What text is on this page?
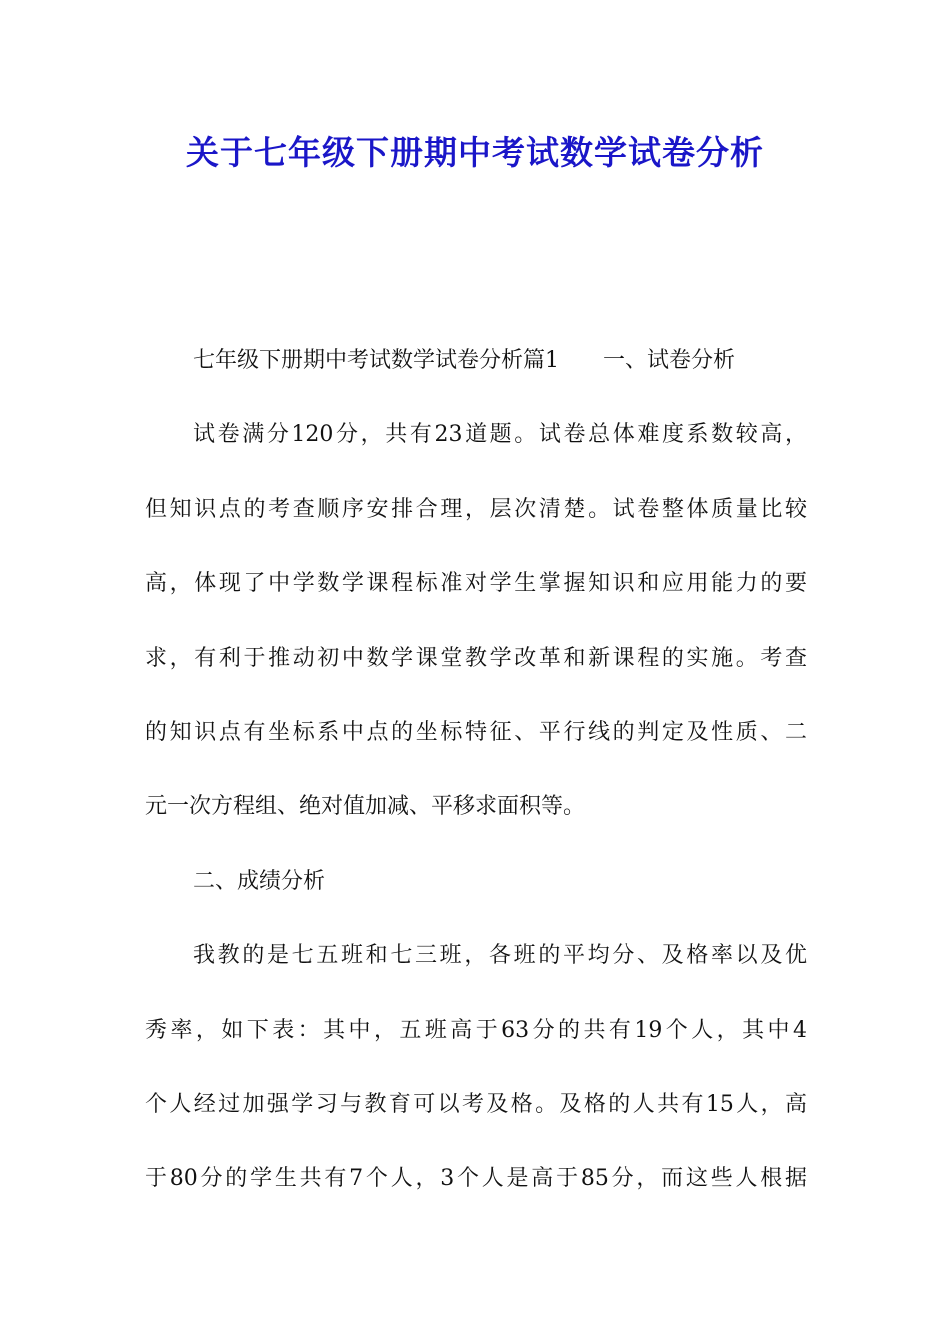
关于七年级下册期中考试数学试卷分析
七年级下册期中考试数学试卷分析篇1 一、试卷分析
试卷满分120分，共有23道题。试卷总体难度系数较高，
但知识点的考查顺序安排合理，层次清楚。试卷整体质量比较
高，体现了中学数学课程标准对学生掌握知识和应用能力的要
求，有利于推动初中数学课堂教学改革和新课程的实施。考查
的知识点有坐标系中点的坐标特征、平行线的判定及性质、二
元一次方程组、绝对值加减、平移求面积等。
二、成绩分析
我教的是七五班和七三班，各班的平均分、及格率以及优
秀率，如下表：其中，五班高于63分的共有19个人，其中4
个人经过加强学习与教育可以考及格。及格的人共有15人，高
于80分的学生共有7个人，3个人是高于85分，而这些人根据
